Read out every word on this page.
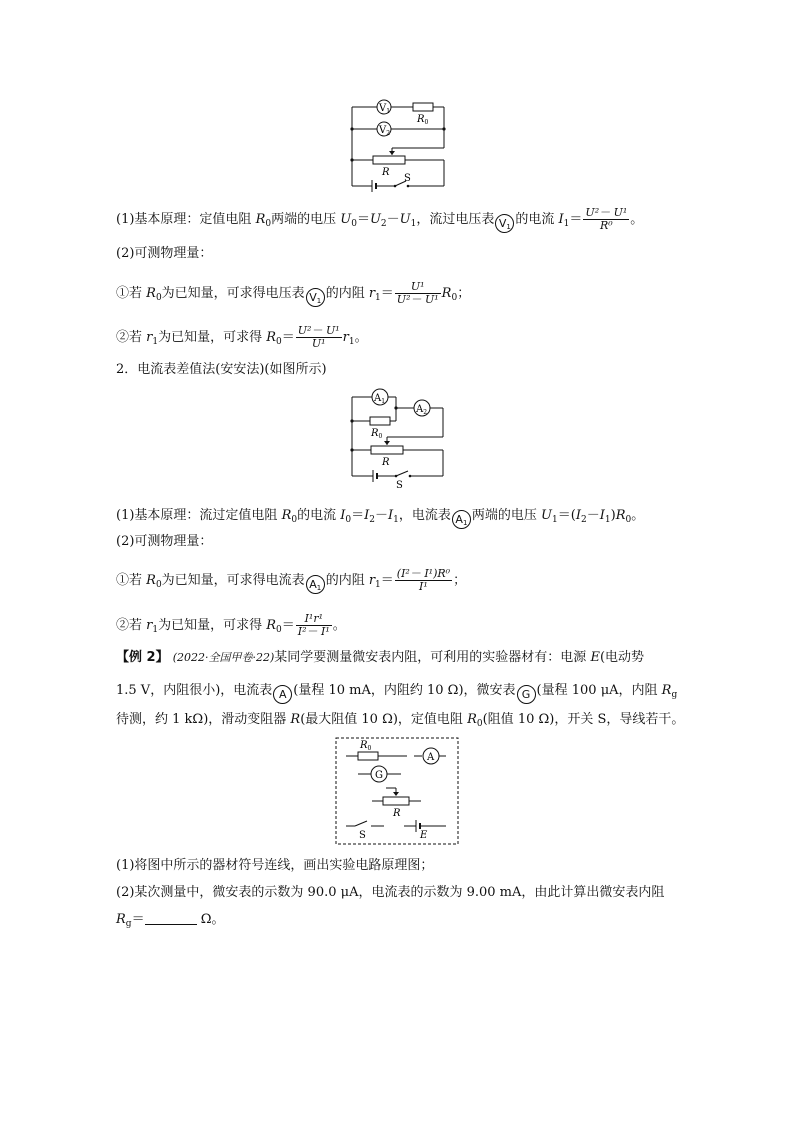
$V_1$
$V_2$
$R_0$
R
S
(1)基本原理：定值电阻 $R_0$两端的电压 $U_0=U_2-U_1$，流过电压表 V1 的电流 $I_1= \frac{\text{U²－ U¹}}{\text{R⁰}}$ 。
(2)可测物理量：
①若 $R_0$为已知量，可求得电压表 V1 的内阻 $r_1= \frac{\text{U¹}}{\text{U²－ U¹}} R_0$；
②若 $r_1$为已知量，可求得 $R_0= \frac{\text{U²－ U¹}}{\text{U¹}} r_1$。
2．电流表差值法(安安法)(如图所示)
$A_1$
$A_2$
$R_0$
R
S
(1)基本原理：流过定值电阻 $R_0$的电流 $I_0=I_2-I_1$，电流表 A1 两端的电压 $U_1=(I_2-I_1)R_0$。
(2)可测物理量：
①若 $R_0$为已知量，可求得电流表 A1 的内阻 $r_1= \frac{\text{(I²－ I¹)R⁰}}{\text{I¹}}$ ；
②若 $r_1$为已知量，可求得 $R_0= \frac{\text{I¹r¹}}{\text{I²－ I¹}}$ 。
【例 2】 (2022·全国甲卷·22)某同学要测量微安表内阻，可利用的实验器材有：电源 E(电动势
1.5 V，内阻很小)，电流表 A (量程 10 mA，内阻约 10 Ω)，微安表 G (量程 100 μA，内阻 $R_g$
待测，约 1 kΩ)，滑动变阻器 R(最大阻值 10 Ω)，定值电阻 $R_0$(阻值 10 Ω)，开关 S，导线若干。
$R_0$
A
G
R
S	E
(1)将图中所示的器材符号连线，画出实验电路原理图；
(2)某次测量中，微安表的示数为 90.0 μA，电流表的示数为 9.00 mA，由此计算出微安表内阻
$R_g=$	Ω。
